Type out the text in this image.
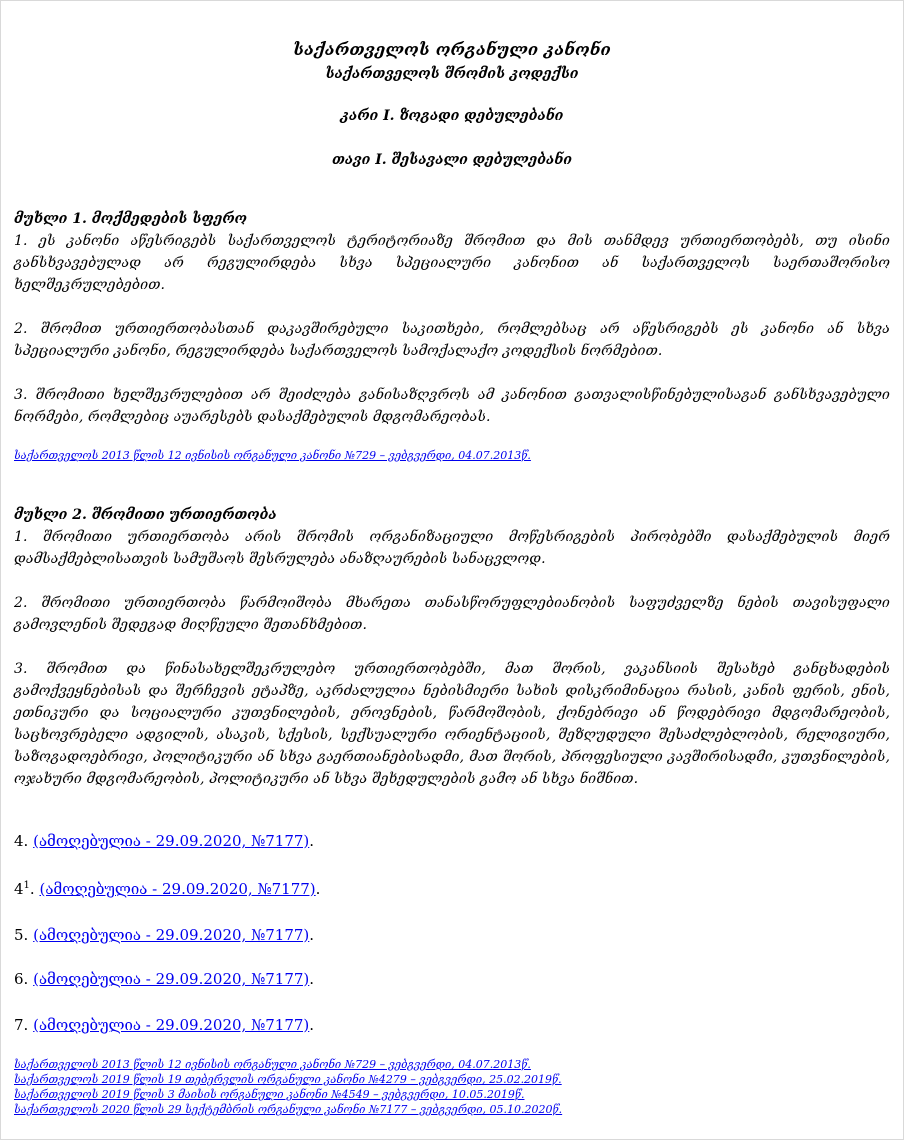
საქართველოს ორგანული კანონი
საქართველოს შრომის კოდექსი
კარი I. ზოგადი დებულებანი
თავი I. შესავალი დებულებანი
მუხლი 1. მოქმედების სფერო
1. ეს კანონი აწესრიგებს საქართველოს ტერიტორიაზე შრომით და მის თანმდევ ურთიერთობებს, თუ ისინი განსხვავებულად არ რეგულირდება სხვა სპეციალური კანონით ან საქართველოს საერთაშორისო ხელშეკრულებებით.
2. შრომით ურთიერთობასთან დაკავშირებული საკითხები, რომლებსაც არ აწესრიგებს ეს კანონი ან სხვა სპეციალური კანონი, რეგულირდება საქართველოს სამოქალაქო კოდექსის ნორმებით.
3. შრომითი ხელშეკრულებით არ შეიძლება განისაზღვროს ამ კანონით გათვალისწინებულისაგან განსხვავებული ნორმები, რომლებიც აუარესებს დასაქმებულის მდგომარეობას.
საქართველოს 2013 წლის 12 ივნისის ორგანული კანონი №729 – ვებგვერდი, 04.07.2013წ.
მუხლი 2. შრომითი ურთიერთობა
1. შრომითი ურთიერთობა არის შრომის ორგანიზაციული მოწესრიგების პირობებში დასაქმებულის მიერ დამსაქმებლისათვის სამუშაოს შესრულება ანაზღაურების სანაცვლოდ.
2. შრომითი ურთიერთობა წარმოიშობა მხარეთა თანასწორუფლებიანობის საფუძველზე ნების თავისუფალი გამოვლენის შედეგად მიღწეული შეთანხმებით.
3. შრომით და წინასახელშეკრულებო ურთიერთობებში, მათ შორის, ვაკანსიის შესახებ განცხადების გამოქვეყნებისას და შერჩევის ეტაპზე, აკრძალულია ნებისმიერი სახის დისკრიმინაცია რასის, კანის ფერის, ენის, ეთნიკური და სოციალური კუთვნილების, ეროვნების, წარმოშობის, ქონებრივი ან წოდებრივი მდგომარეობის, საცხოვრებელი ადგილის, ასაკის, სქესის, სექსუალური ორიენტაციის, შეზღუდული შესაძლებლობის, რელიგიური, საზოგადოებრივი, პოლიტიკური ან სხვა გაერთიანებისადმი, მათ შორის, პროფესიული კავშირისადმი, კუთვნილების, ოჯახური მდგომარეობის, პოლიტიკური ან სხვა შეხედულების გამო ან სხვა ნიშნით.
4. (ამოღებულია - 29.09.2020, №7177).
$4^1$. (ამოღებულია - 29.09.2020, №7177).
5. (ამოღებულია - 29.09.2020, №7177).
6. (ამოღებულია - 29.09.2020, №7177).
7. (ამოღებულია - 29.09.2020, №7177).
საქართველოს 2013 წლის 12 ივნისის ორგანული კანონი №729 – ვებგვერდი, 04.07.2013წ.
საქართველოს 2019 წლის 19 თებერვლის ორგანული კანონი №4279 – ვებგვერდი, 25.02.2019წ.
საქართველოს 2019 წლის 3 მაისის ორგანული კანონი №4549 – ვებგვერდი, 10.05.2019წ.
საქართველოს 2020 წლის 29 სექტემბრის ორგანული კანონი №7177 – ვებგვერდი, 05.10.2020წ.
